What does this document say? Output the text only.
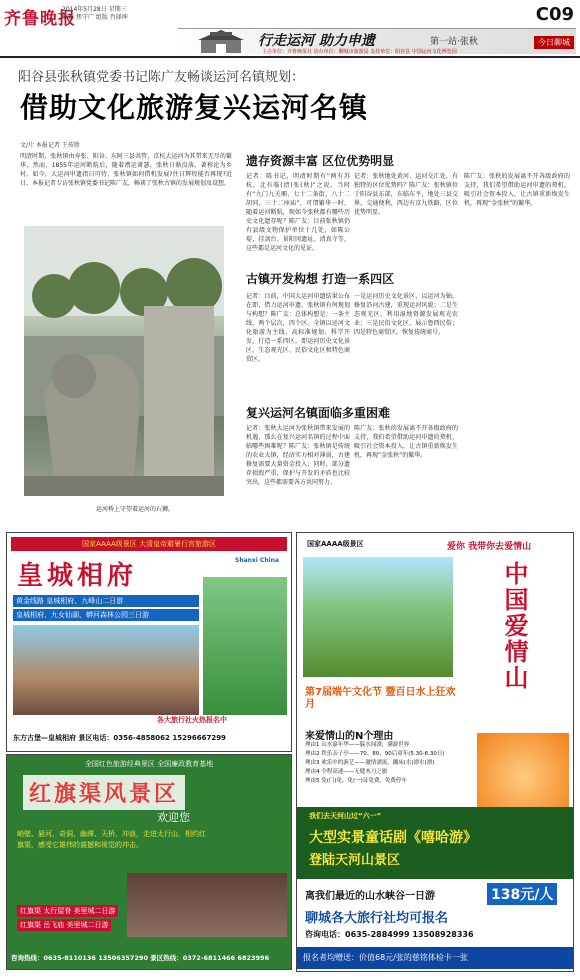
齐鲁晚报
2014年5月28日 星期三
编辑 焦守广 组版 肖择坤	C09
行走运河 助力申遗	第一站·张秋	今日聊城
主办单位：齐鲁晚报社 协办单位：聊城市旅游局 支持单位：阳谷县 中国运河文化博览园
阳谷县张秋镇党委书记陈广友畅谈运河名镇规划：
借助文化旅游复兴运河名镇
文/片 本报记者 王传胜
明清时期，张秋镇由寿张、阳谷、东阿三县共管，京杭大运河为其带来无尽的繁华，然而，1855年运河断航后，随着漕运萧瑟，张秋日渐没落，著称论为乡村。如今，大运河申遗指日可待，张秋镇如何借机发展?往日辉煌能否再现?近日，本报记者专访张秋镇党委书记陈广友，畅谈了张秋古镇的发展规划及设想。
运河桥上守望着运河的石狮。
遗存资源丰富 区位优势明显
记者：陈书记，明清时期有“两有苏杭，北有临(清)张(秋)”之说，当时有“九门九关厢，七十二条街，八十二胡同，三十二座庙”，可谓繁华一时，随着运河断航，现如今张秋都有哪些历史文化遗存呢？陈广友：目前张秋镇仍有县级文物保护单位十几处，如陈公堤、挂剑台、景阳冈遗址、清真寺等，这些都是运河文化的见证。
记者：张秋地处黄河、运河交汇处，有独特的区位优势吗？陈广友：张秋镇位于阳谷县东部，东临东平，地处三县交界，交通便利，西边有京九铁路，区位优势明显。
古镇开发构想 打造一系四区
记者：目前，中国大运河申遗结果公布在即，借力运河申遗，张秋镇有何规划与构想？陈广友：总体构想是：一条主线，两个层次，四个区。全镇以运河文化旅游为主线，高标准规划、科学开发，打造一系四区，即运河历史文化景区、生态观光区、民俗文化区和特色商贸区。
一是运河历史文化景区，以运河为轴，修复沿河古建，重现运河风貌；二是生态观光区，利用湿地资源发展观光农业；三是民俗文化区，展示鲁西民俗；四是特色商贸区，恢复传统商号。
复兴运河名镇面临多重困难
记者：张秋大运河为张秋镇带来发展的机遇，那么在复兴运河名镇的过程中面临哪些困难呢？陈广友：张秋镇是传统的农业大镇，经济实力相对薄弱，古建修复需要大量资金投入；同时，部分遗存损毁严重，保护与开发的矛盾也比较突出，这些都需要各方共同努力。
陈广友：张秋的发展离不开各级政府的支持，我们希望借助运河申遗的契机，吸引社会资本投入，让古镇重新焕发生机，再现“金张秋”的繁华。
陈广友：张秋的发展离不开各级政府的支持，我们希望借助运河申遗的契机，吸引社会资本投入，让古镇重新焕发生机，再现“金张秋”的繁华。
国家AAAA级景区 大清皇帝避暑行宫旅游区
皇城相府
Shanxi China
黄金线路 皇城相府、九峰山二日游
皇城相府、九女仙湖、蟒河森林公园三日游
各大旅行社火热报名中
东方古堡—皇城相府 景区电话：0356-4858062 15296667299
全国红色旅游经典景区 全国廉政教育基地
红旗渠风景区
欢迎您
峭壁、悬河、奇洞、幽潭、天桥、冲浪，走进太行山，相约红旗渠，感受它雄伟的震撼和视觉的冲击。
红旗渠 太行屋脊 美里城二日游
红旗渠 岳飞庙 美里城二日游
咨询热线：0635-8110136 13506357290 景区热线：0372-6811466 6823996
国家AAAA级景区	爱你 我带你去爱情山
中国爱情山
第7届端午文化节 暨百日水上狂欢月
来爱情山的N个理由
理由1 山水嘉年华——躲水闯漂，满游世界
理由2 铁乐亲子亭——70、80、90后童年(5.30-6.30日)
理由3 欢乐中的游艺——激情漂流、蹦床(水)漂水(漂)
理由4 全程高速——无缝木刀之旅
理由5 免(门)免、免(一)证免费、免费停车
我们去天河山过“六一”
大型实景童话剧《嘻哈游》
登陆天河山景区
离我们最近的山水峡谷一日游	138元/人
聊城各大旅行社均可报名
咨询电话：0635-2884999 13508928336
报名者均赠送：价值68元/张的慈铭体检卡一张
